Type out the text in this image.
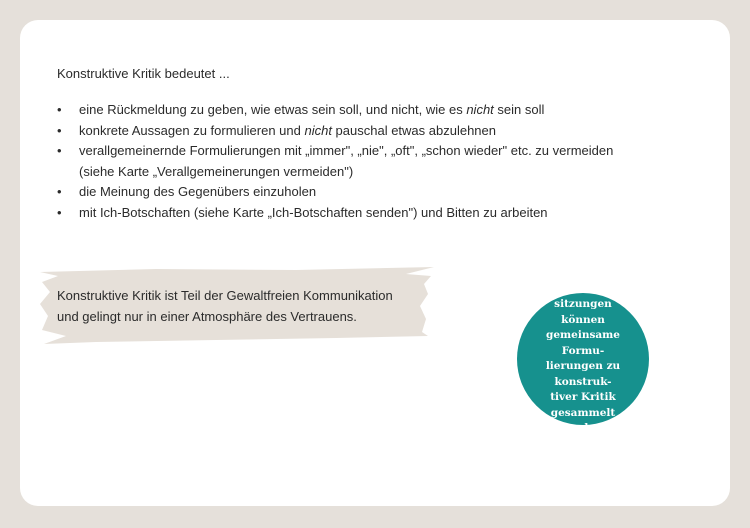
Konstruktive Kritik bedeutet ...
• eine Rückmeldung zu geben, wie etwas sein soll, und nicht, wie es nicht sein soll
• konkrete Aussagen zu formulieren und nicht pauschal etwas abzulehnen
• verallgemeinernde Formulierungen mit „immer", „nie", „oft", „schon wieder" etc. zu vermeiden
(siehe Karte „Verallgemeinerungen vermeiden")
• die Meinung des Gegenübers einzuholen
• mit Ich-Botschaften (siehe Karte „Ich-Botschaften senden") und Bitten zu arbeiten
Konstruktive Kritik ist Teil der Gewaltfreien Kommunikation
und gelingt nur in einer Atmosphäre des Vertrauens.
In den Team-
sitzungen können
gemeinsame Formu-
lierungen zu konstruk-
tiver Kritik gesammelt
werden.
